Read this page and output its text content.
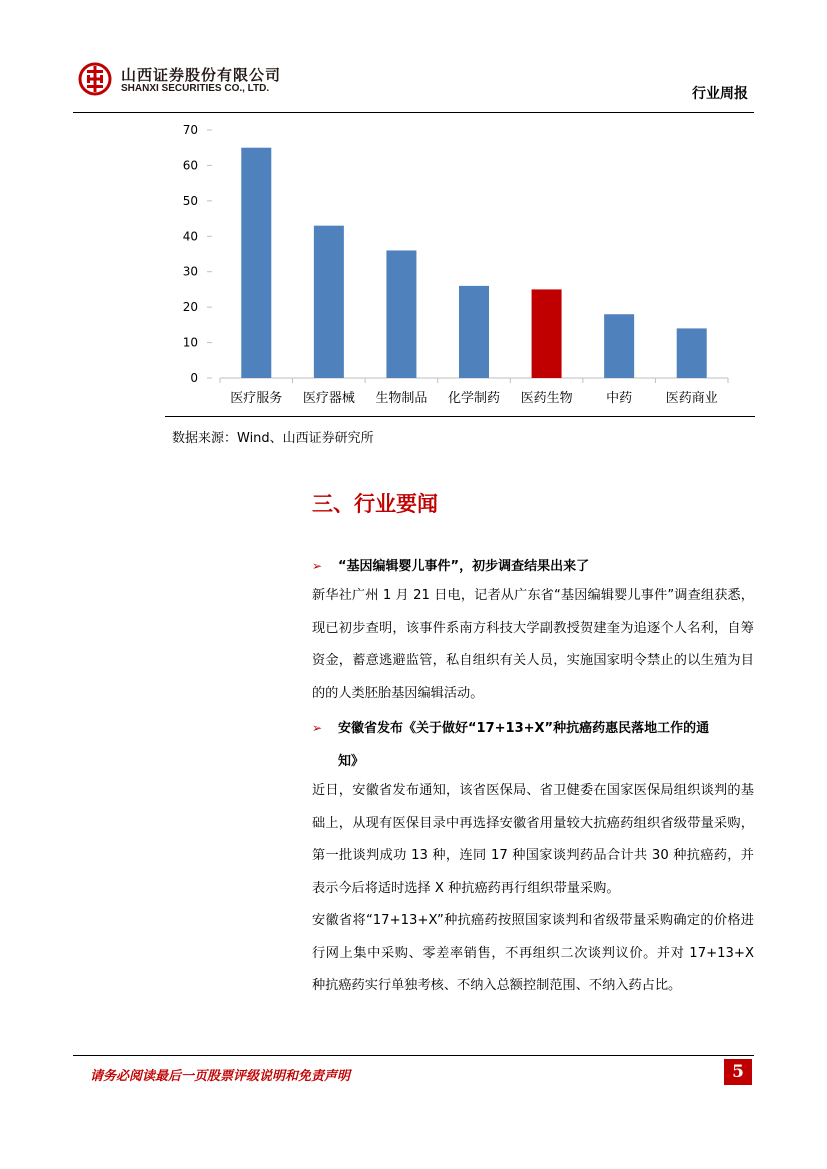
山西证券股份有限公司
SHANXI SECURITIES CO., LTD.	行业周报
0
10
20
30
40
50
60
70
医疗服务 医疗器械 生物制品 化学制药 医药生物	中药	医药商业
数据来源：Wind、山西证券研究所
三、行业要闻
➢ “基因编辑婴儿事件”，初步调查结果出来了
新华社广州 1 月 21 日电，记者从广东省“基因编辑婴儿事件”调查组获悉，现已初步查明，该事件系南方科技大学副教授贺建奎为追逐个人名利，自筹资金，蓄意逃避监管，私自组织有关人员，实施国家明令禁止的以生殖为目的的人类胚胎基因编辑活动。
➢ 安徽省发布《关于做好“17+13+X”种抗癌药惠民落地工作的通
知》
近日，安徽省发布通知，该省医保局、省卫健委在国家医保局组织谈判的基础上，从现有医保目录中再选择安徽省用量较大抗癌药组织省级带量采购，第一批谈判成功 13 种，连同 17 种国家谈判药品合计共 30 种抗癌药，并表示今后将适时选择 X 种抗癌药再行组织带量采购。
安徽省将“17+13+X”种抗癌药按照国家谈判和省级带量采购确定的价格进行网上集中采购、零差率销售，不再组织二次谈判议价。并对 17+13+X 种抗癌药实行单独考核、不纳入总额控制范围、不纳入药占比。
请务必阅读最后一页股票评级说明和免责声明	5
